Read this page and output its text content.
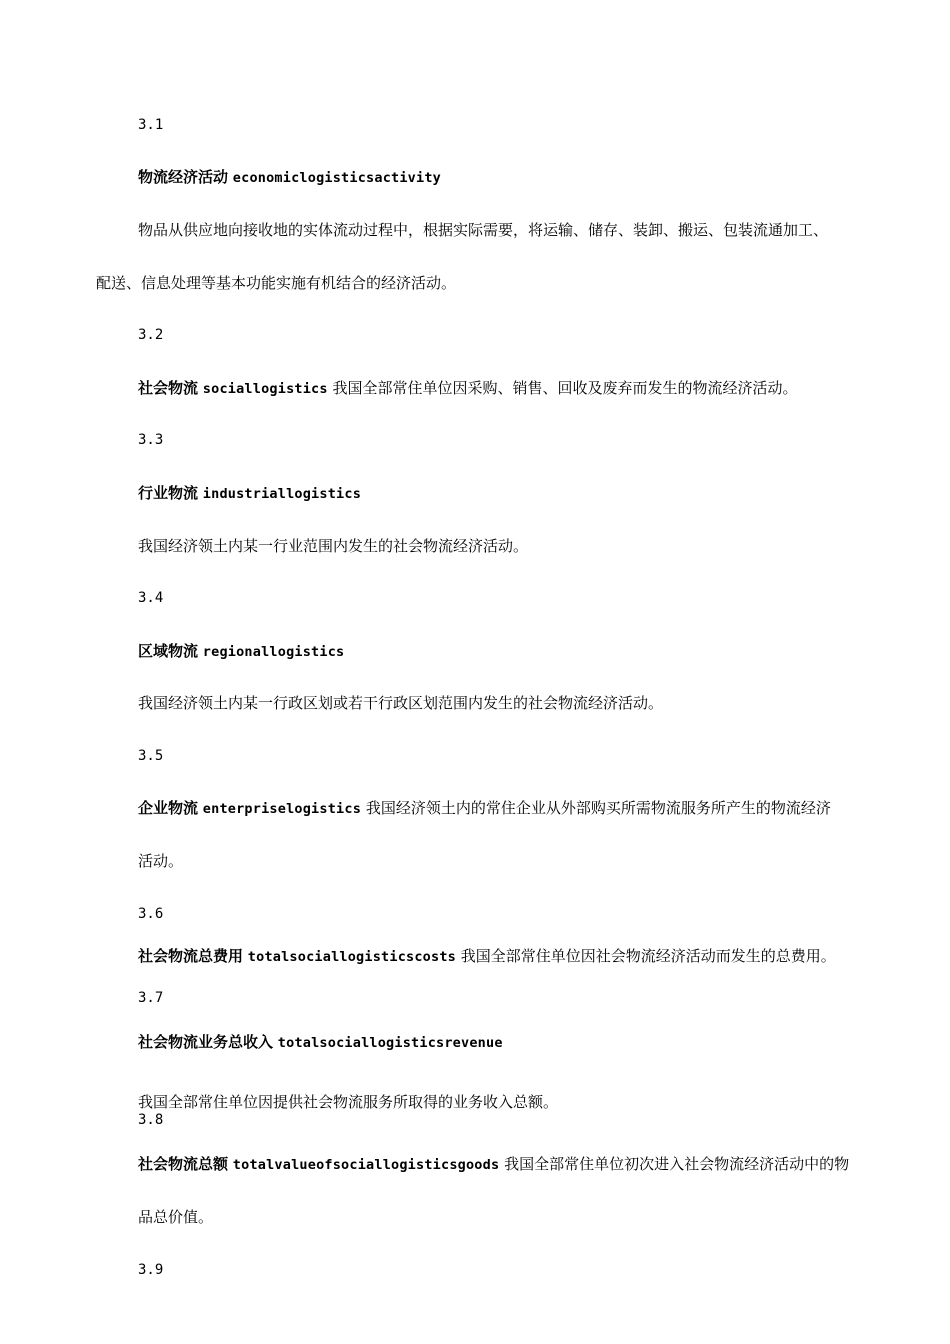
3.1
物流经济活动 economiclogisticsactivity
物品从供应地向接收地的实体流动过程中，根据实际需要，将运输、储存、装卸、搬运、包装流通加工、
配送、信息处理等基本功能实施有机结合的经济活动。
3.2
社会物流 sociallogistics 我国全部常住单位因采购、销售、回收及废弃而发生的物流经济活动。
3.3
行业物流 industriallogistics
我国经济领土内某一行业范围内发生的社会物流经济活动。
3.4
区域物流 regionallogistics
我国经济领土内某一行政区划或若干行政区划范围内发生的社会物流经济活动。
3.5
企业物流 enterpriselogistics 我国经济领土内的常住企业从外部购买所需物流服务所产生的物流经济
活动。
3.6
社会物流总费用 totalsociallogisticscosts 我国全部常住单位因社会物流经济活动而发生的总费用。
3.7
社会物流业务总收入 totalsociallogisticsrevenue
我国全部常住单位因提供社会物流服务所取得的业务收入总额。
3.8
社会物流总额 totalvalueofsociallogisticsgoods 我国全部常住单位初次进入社会物流经济活动中的物
品总价值。
3.9
